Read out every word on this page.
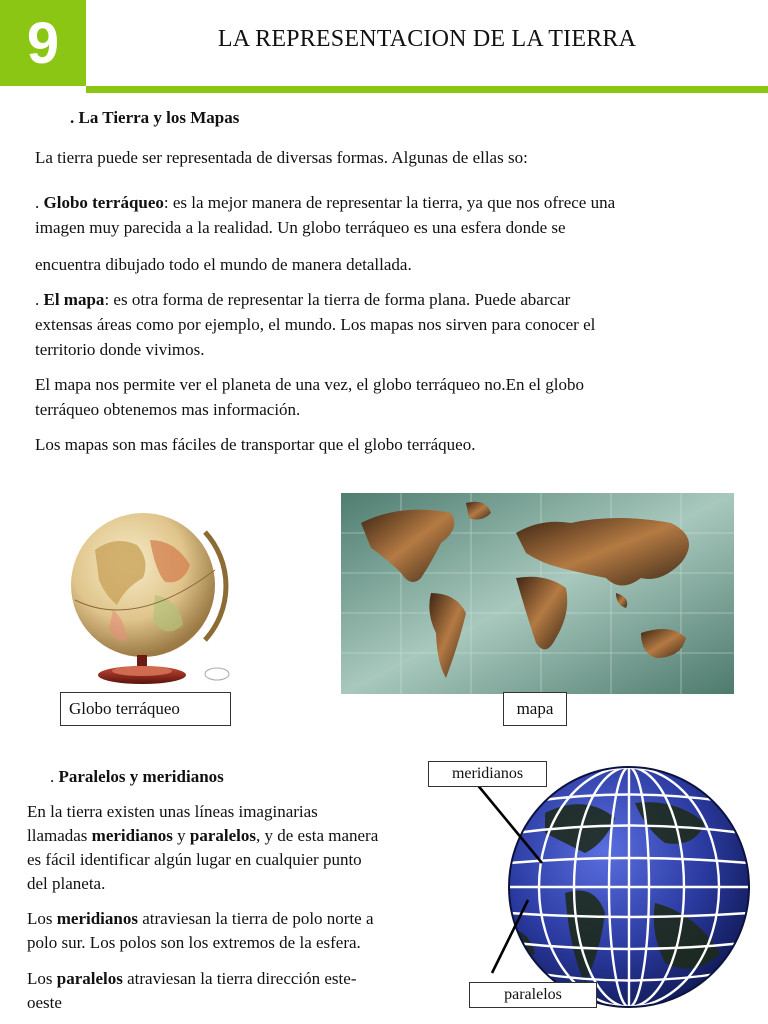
9	LA REPRESENTACION DE LA TIERRA
. La Tierra y los Mapas
La tierra puede ser representada de diversas formas. Algunas de ellas so:
. Globo terráqueo: es la mejor manera de representar la tierra, ya que nos ofrece una
imagen muy parecida a la realidad. Un globo terráqueo es una esfera donde se
encuentra dibujado todo el mundo de manera detallada.
. El mapa: es otra forma de representar la tierra de forma plana. Puede abarcar
extensas áreas como por ejemplo, el mundo. Los mapas nos sirven para conocer el
territorio donde vivimos.
El mapa nos permite ver el planeta de una vez, el globo terráqueo no.En el globo
terráqueo obtenemos mas información.
Los mapas son mas fáciles de transportar que el globo terráqueo.
Globo terráqueo	mapa
. Paralelos y meridianos
En la tierra existen unas líneas imaginarias
llamadas meridianos y paralelos, y de esta manera
es fácil identificar algún lugar en cualquier punto
del planeta.
Los meridianos atraviesan la tierra de polo norte a
polo sur. Los polos son los extremos de la esfera.
Los paralelos atraviesan la tierra dirección este-
oeste
meridianos
paralelos
